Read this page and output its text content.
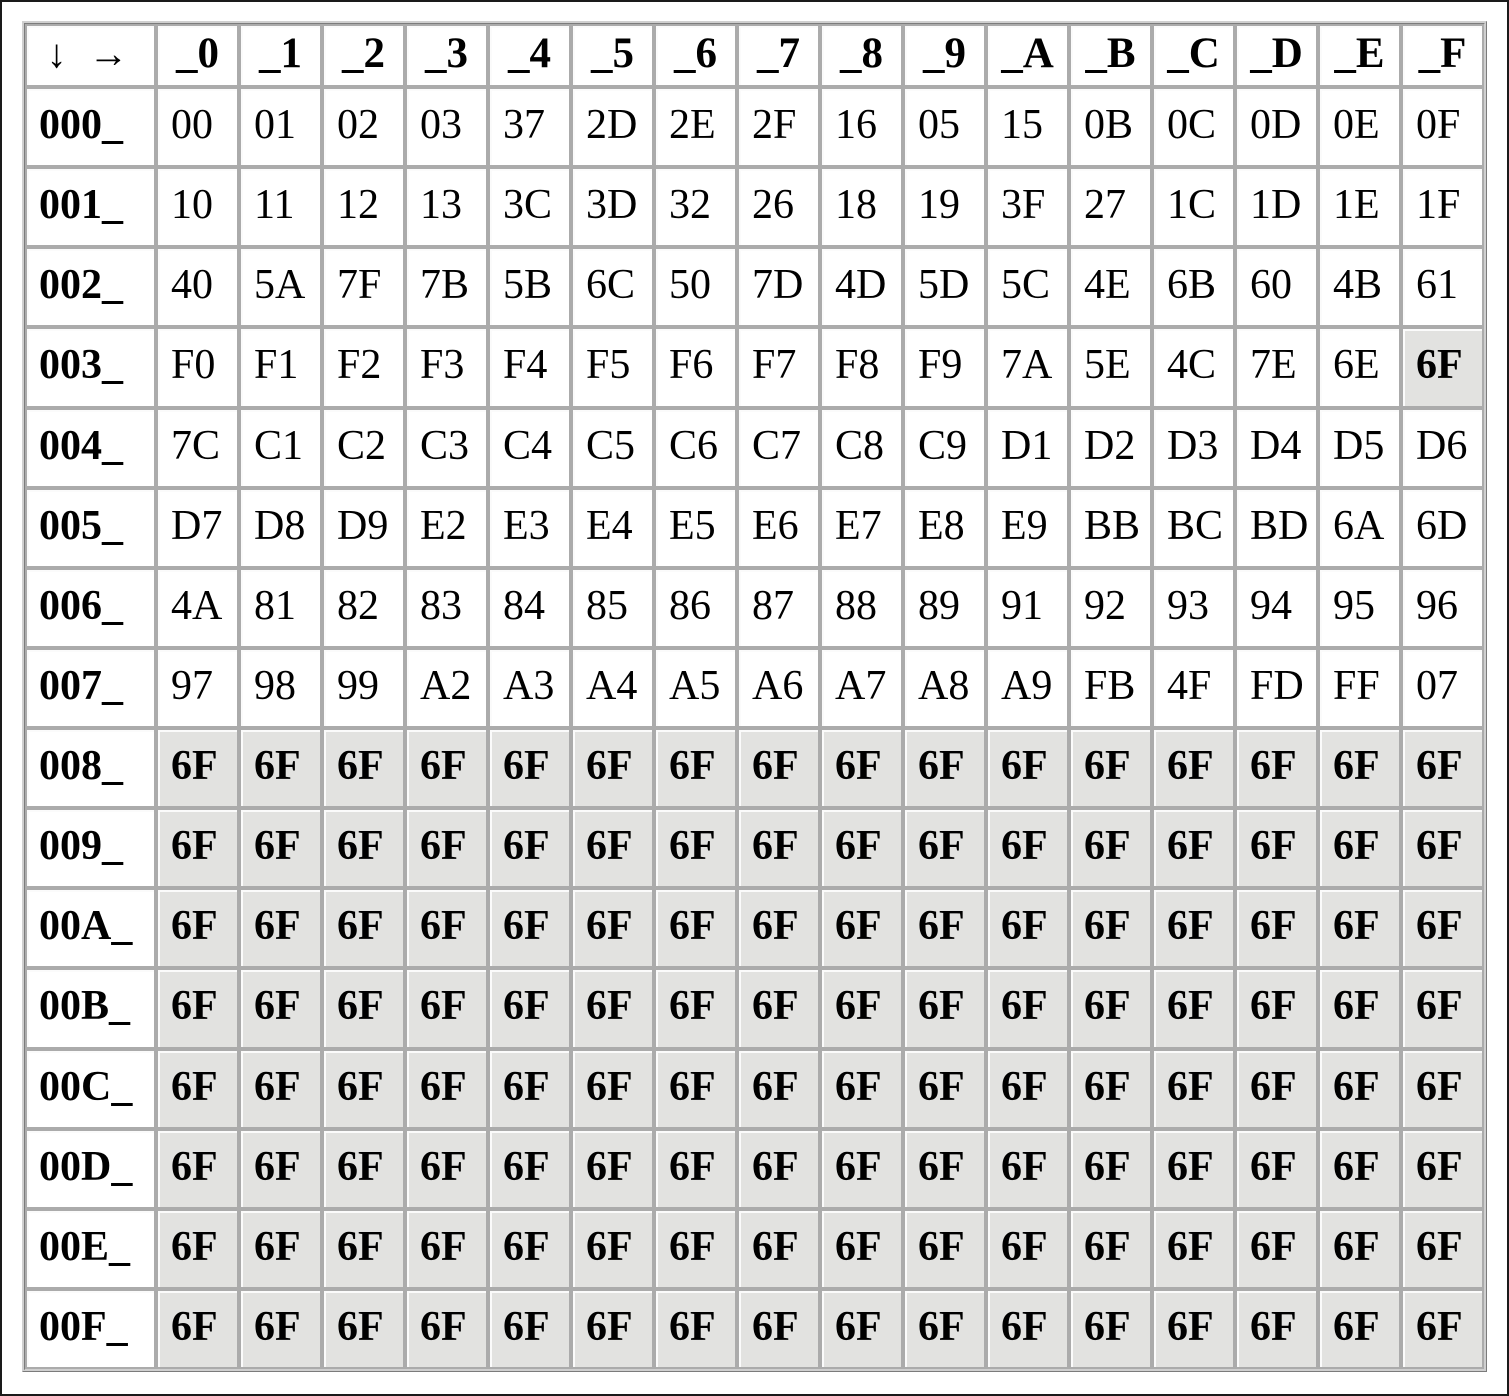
↓ →	_0	_1	_2	_3	_4	_5	_6	_7	_8	_9	_A	_B	_C	_D	_E	_F
000_	00	01	02	03	37	2D	2E	2F	16	05	15	0B	0C	0D	0E	0F
001_	10	11	12	13	3C	3D	32	26	18	19	3F	27	1C	1D	1E	1F
002_	40	5A	7F	7B	5B	6C	50	7D	4D	5D	5C	4E	6B	60	4B	61
003_	F0	F1	F2	F3	F4	F5	F6	F7	F8	F9	7A	5E	4C	7E	6E	6F
004_	7C	C1	C2	C3	C4	C5	C6	C7	C8	C9	D1	D2	D3	D4	D5	D6
005_	D7	D8	D9	E2	E3	E4	E5	E6	E7	E8	E9	BB	BC	BD	6A	6D
006_	4A	81	82	83	84	85	86	87	88	89	91	92	93	94	95	96
007_	97	98	99	A2	A3	A4	A5	A6	A7	A8	A9	FB	4F	FD	FF	07
008_	6F	6F	6F	6F	6F	6F	6F	6F	6F	6F	6F	6F	6F	6F	6F	6F
009_	6F	6F	6F	6F	6F	6F	6F	6F	6F	6F	6F	6F	6F	6F	6F	6F
00A_	6F	6F	6F	6F	6F	6F	6F	6F	6F	6F	6F	6F	6F	6F	6F	6F
00B_	6F	6F	6F	6F	6F	6F	6F	6F	6F	6F	6F	6F	6F	6F	6F	6F
00C_	6F	6F	6F	6F	6F	6F	6F	6F	6F	6F	6F	6F	6F	6F	6F	6F
00D_	6F	6F	6F	6F	6F	6F	6F	6F	6F	6F	6F	6F	6F	6F	6F	6F
00E_	6F	6F	6F	6F	6F	6F	6F	6F	6F	6F	6F	6F	6F	6F	6F	6F
00F_	6F	6F	6F	6F	6F	6F	6F	6F	6F	6F	6F	6F	6F	6F	6F	6F
